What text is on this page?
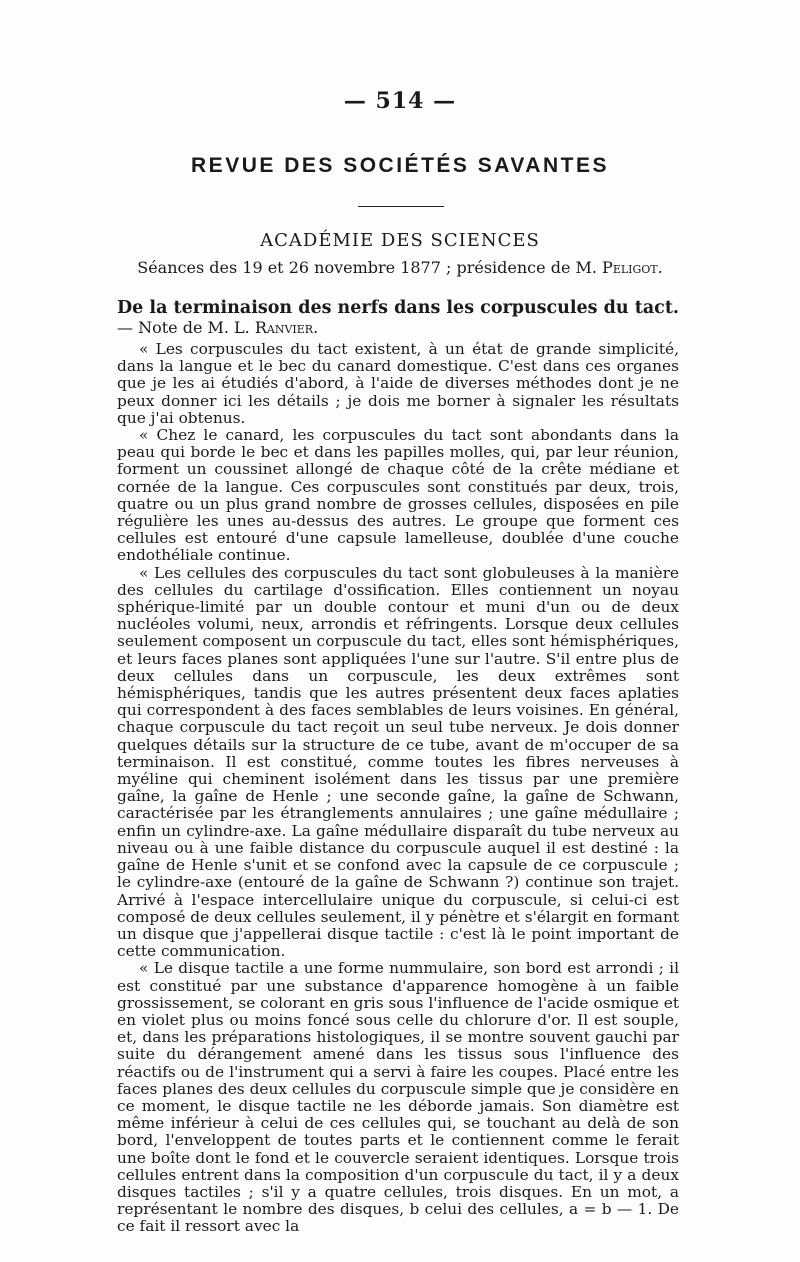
— 514 —
REVUE DES SOCIÉTÉS SAVANTES
ACADÉMIE DES SCIENCES
Séances des 19 et 26 novembre 1877 ; présidence de M. Peligot.
De la terminaison des nerfs dans les corpuscules du tact. — Note de M. L. Ranvier.

« Les corpuscules du tact existent, à un état de grande simplicité, dans la langue et le bec du canard domestique. C'est dans ces organes que je les ai étudiés d'abord, à l'aide de diverses méthodes dont je ne peux donner ici les détails ; je dois me borner à signaler les résultats que j'ai obtenus.

« Chez le canard, les corpuscules du tact sont abondants dans la peau qui borde le bec et dans les papilles molles, qui, par leur réunion, forment un coussinet allongé de chaque côté de la crête médiane et cornée de la langue. Ces corpuscules sont constitués par deux, trois, quatre ou un plus grand nombre de grosses cellules, disposées en pile régulière les unes au-dessus des autres. Le groupe que forment ces cellules est entouré d'une capsule lamelleuse, doublée d'une couche endothéliale continue.

« Les cellules des corpuscules du tact sont globuleuses à la manière des cellules du cartilage d'ossification. Elles contiennent un noyau sphérique-limité par un double contour et muni d'un ou de deux nucléoles volumi, neux, arrondis et réfringents. Lorsque deux cellules seulement composent un corpuscule du tact, elles sont hémisphériques, et leurs faces planes sont appliquées l'une sur l'autre. S'il entre plus de deux cellules dans un corpuscule, les deux extrêmes sont hémisphériques, tandis que les autres présentent deux faces aplaties qui correspondent à des faces semblables de leurs voisines. En général, chaque corpuscule du tact reçoit un seul tube nerveux. Je dois donner quelques détails sur la structure de ce tube, avant de m'occuper de sa terminaison. Il est constitué, comme toutes les fibres nerveuses à myéline qui cheminent isolément dans les tissus par une première gaîne, la gaîne de Henle ; une seconde gaîne, la gaîne de Schwann, caractérisée par les étranglements annulaires ; une gaîne médullaire ; enfin un cylindre-axe. La gaîne médullaire disparaît du tube nerveux au niveau ou à une faible distance du corpuscule auquel il est destiné : la gaîne de Henle s'unit et se confond avec la capsule de ce corpuscule ; le cylindre-axe (entouré de la gaîne de Schwann ?) continue son trajet. Arrivé à l'espace intercellulaire unique du corpuscule, si celui-ci est composé de deux cellules seulement, il y pénètre et s'élargit en formant un disque que j'appellerai disque tactile : c'est là le point important de cette communication.

« Le disque tactile a une forme nummulaire, son bord est arrondi ; il est constitué par une substance d'apparence homogène à un faible grossissement, se colorant en gris sous l'influence de l'acide osmique et en violet plus ou moins foncé sous celle du chlorure d'or. Il est souple, et, dans les préparations histologiques, il se montre souvent gauchi par suite du dérangement amené dans les tissus sous l'influence des réactifs ou de l'instrument qui a servi à faire les coupes. Placé entre les faces planes des deux cellules du corpuscule simple que je considère en ce moment, le disque tactile ne les déborde jamais. Son diamètre est même inférieur à celui de ces cellules qui, se touchant au delà de son bord, l'enveloppent de toutes parts et le contiennent comme le ferait une boîte dont le fond et le couvercle seraient identiques. Lorsque trois cellules entrent dans la composition d'un corpuscule du tact, il y a deux disques tactiles ; s'il y a quatre cellules, trois disques. En un mot, a représentant le nombre des disques, b celui des cellules, a = b — 1. De ce fait il ressort avec la
